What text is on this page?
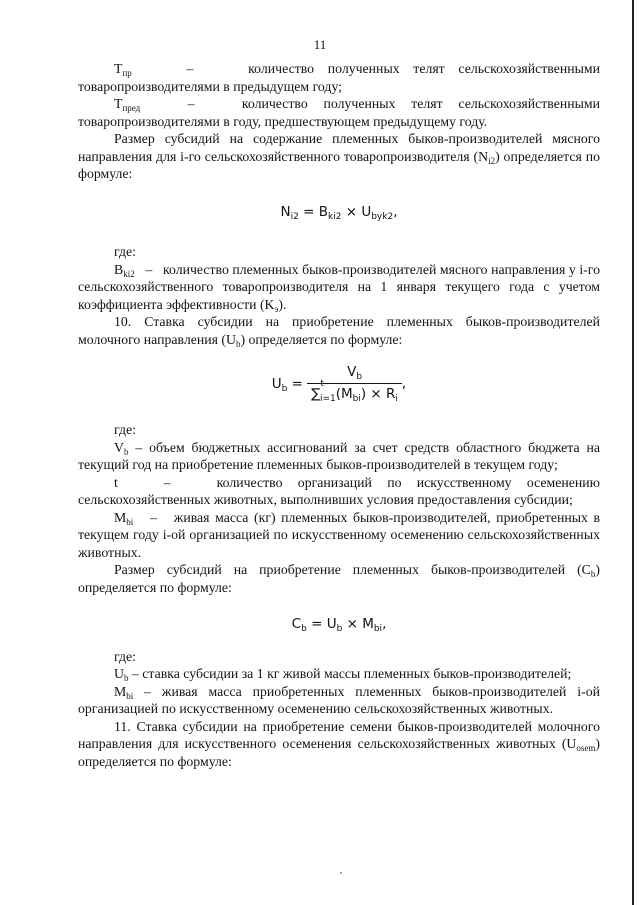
11

$Т_{пр}$    –    количество полученных телят сельскохозяйственными товаропроизводителями в предыдущем году;

$Т_{пред}$   –   количество полученных телят сельскохозяйственными товаропроизводителями в году, предшествующем предыдущему году.

Размер субсидий на содержание племенных быков-производителей мясного направления для i-го сельскохозяйственного товаропроизводителя $(N_{i2})$ определяется по формуле:

$N_{i2} = B_{ki2} \times U_{byk2}$,

где:

$B_{ki2}$   –   количество племенных быков-производителей мясного направления у i-го сельскохозяйственного товаропроизводителя на 1 января текущего года с учетом коэффициента эффективности $(K_э)$.

10. Ставка субсидии на приобретение племенных быков-производителей молочного направления $(U_b)$ определяется по формуле:

$U_b = \frac{V_b}{\sum^t_{i=1}(M_{bi}) \times R_i}$ ,

где:

$V_b$ – объем бюджетных ассигнований за счет средств областного бюджета на текущий год на приобретение племенных быков-производителей в текущем году;

t   –   количество организаций по искусственному осеменению сельскохозяйственных животных, выполнивших условия предоставления субсидии;

$M_{bi}$   –   живая масса (кг) племенных быков-производителей, приобретенных в текущем году i-ой организацией по искусственному осеменению сельскохозяйственных животных.

Размер субсидий на приобретение племенных быков-производителей $(C_b)$ определяется по формуле:

$C_b = U_b \times M_{bi}$,

где:

$U_b$ – ставка субсидии за 1 кг живой массы племенных быков-производителей;

$M_{bi}$ – живая масса приобретенных племенных быков-производителей i-ой организацией по искусственному осеменению сельскохозяйственных животных.

11. Ставка субсидии на приобретение семени быков-производителей молочного направления для искусственного осеменения сельскохозяйственных животных $(U_{osem})$ определяется по формуле:
